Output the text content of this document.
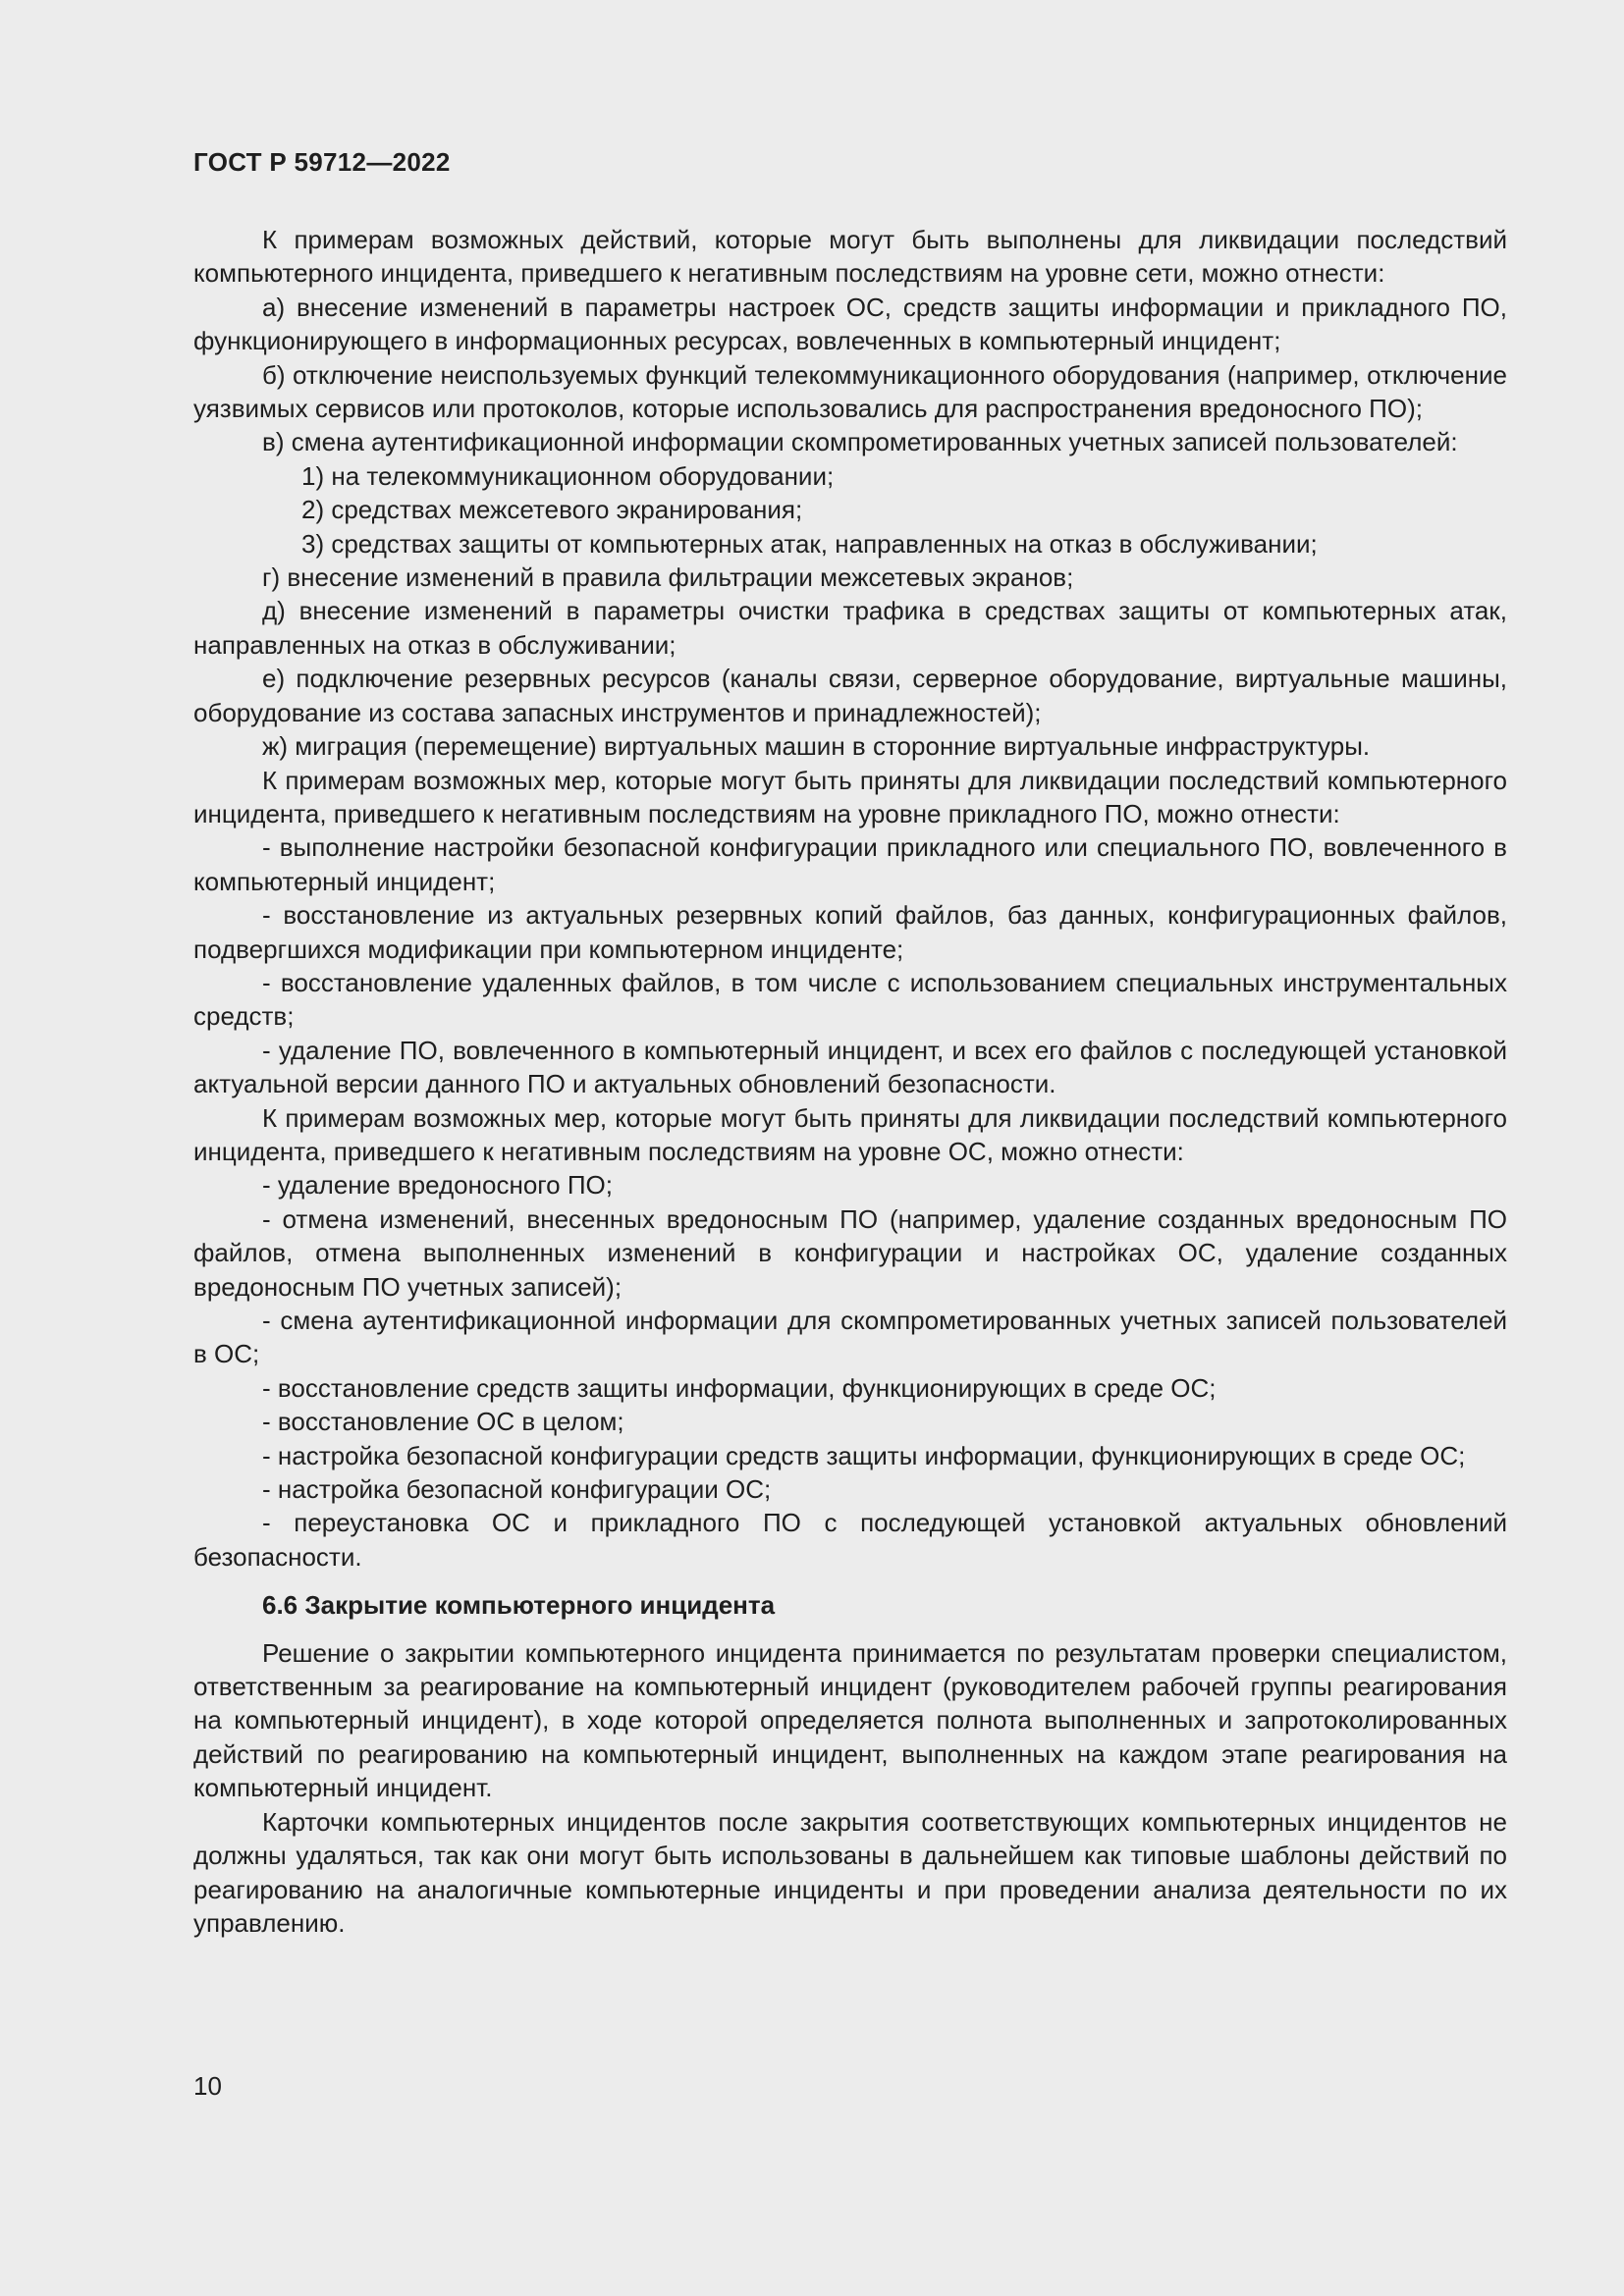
ГОСТ Р 59712—2022

К примерам возможных действий, которые могут быть выполнены для ликвидации последствий компьютерного инцидента, приведшего к негативным последствиям на уровне сети, можно отнести:

а) внесение изменений в параметры настроек ОС, средств защиты информации и прикладного ПО, функционирующего в информационных ресурсах, вовлеченных в компьютерный инцидент;

б) отключение неиспользуемых функций телекоммуникационного оборудования (например, отключение уязвимых сервисов или протоколов, которые использовались для распространения вредоносного ПО);

в) смена аутентификационной информации скомпрометированных учетных записей пользователей:

1) на телекоммуникационном оборудовании;

2) средствах межсетевого экранирования;

3) средствах защиты от компьютерных атак, направленных на отказ в обслуживании;

г) внесение изменений в правила фильтрации межсетевых экранов;

д) внесение изменений в параметры очистки трафика в средствах защиты от компьютерных атак, направленных на отказ в обслуживании;

е) подключение резервных ресурсов (каналы связи, серверное оборудование, виртуальные машины, оборудование из состава запасных инструментов и принадлежностей);

ж) миграция (перемещение) виртуальных машин в сторонние виртуальные инфраструктуры.

К примерам возможных мер, которые могут быть приняты для ликвидации последствий компьютерного инцидента, приведшего к негативным последствиям на уровне прикладного ПО, можно отнести:

- выполнение настройки безопасной конфигурации прикладного или специального ПО, вовлеченного в компьютерный инцидент;

- восстановление из актуальных резервных копий файлов, баз данных, конфигурационных файлов, подвергшихся модификации при компьютерном инциденте;

- восстановление удаленных файлов, в том числе с использованием специальных инструментальных средств;

- удаление ПО, вовлеченного в компьютерный инцидент, и всех его файлов с последующей установкой актуальной версии данного ПО и актуальных обновлений безопасности.

К примерам возможных мер, которые могут быть приняты для ликвидации последствий компьютерного инцидента, приведшего к негативным последствиям на уровне ОС, можно отнести:

- удаление вредоносного ПО;

- отмена изменений, внесенных вредоносным ПО (например, удаление созданных вредоносным ПО файлов, отмена выполненных изменений в конфигурации и настройках ОС, удаление созданных вредоносным ПО учетных записей);

- смена аутентификационной информации для скомпрометированных учетных записей пользователей в ОС;

- восстановление средств защиты информации, функционирующих в среде ОС;

- восстановление ОС в целом;

- настройка безопасной конфигурации средств защиты информации, функционирующих в среде ОС;

- настройка безопасной конфигурации ОС;

- переустановка ОС и прикладного ПО с последующей установкой актуальных обновлений безопасности.

6.6 Закрытие компьютерного инцидента

Решение о закрытии компьютерного инцидента принимается по результатам проверки специалистом, ответственным за реагирование на компьютерный инцидент (руководителем рабочей группы реагирования на компьютерный инцидент), в ходе которой определяется полнота выполненных и запротоколированных действий по реагированию на компьютерный инцидент, выполненных на каждом этапе реагирования на компьютерный инцидент.

Карточки компьютерных инцидентов после закрытия соответствующих компьютерных инцидентов не должны удаляться, так как они могут быть использованы в дальнейшем как типовые шаблоны действий по реагированию на аналогичные компьютерные инциденты и при проведении анализа деятельности по их управлению.

10
